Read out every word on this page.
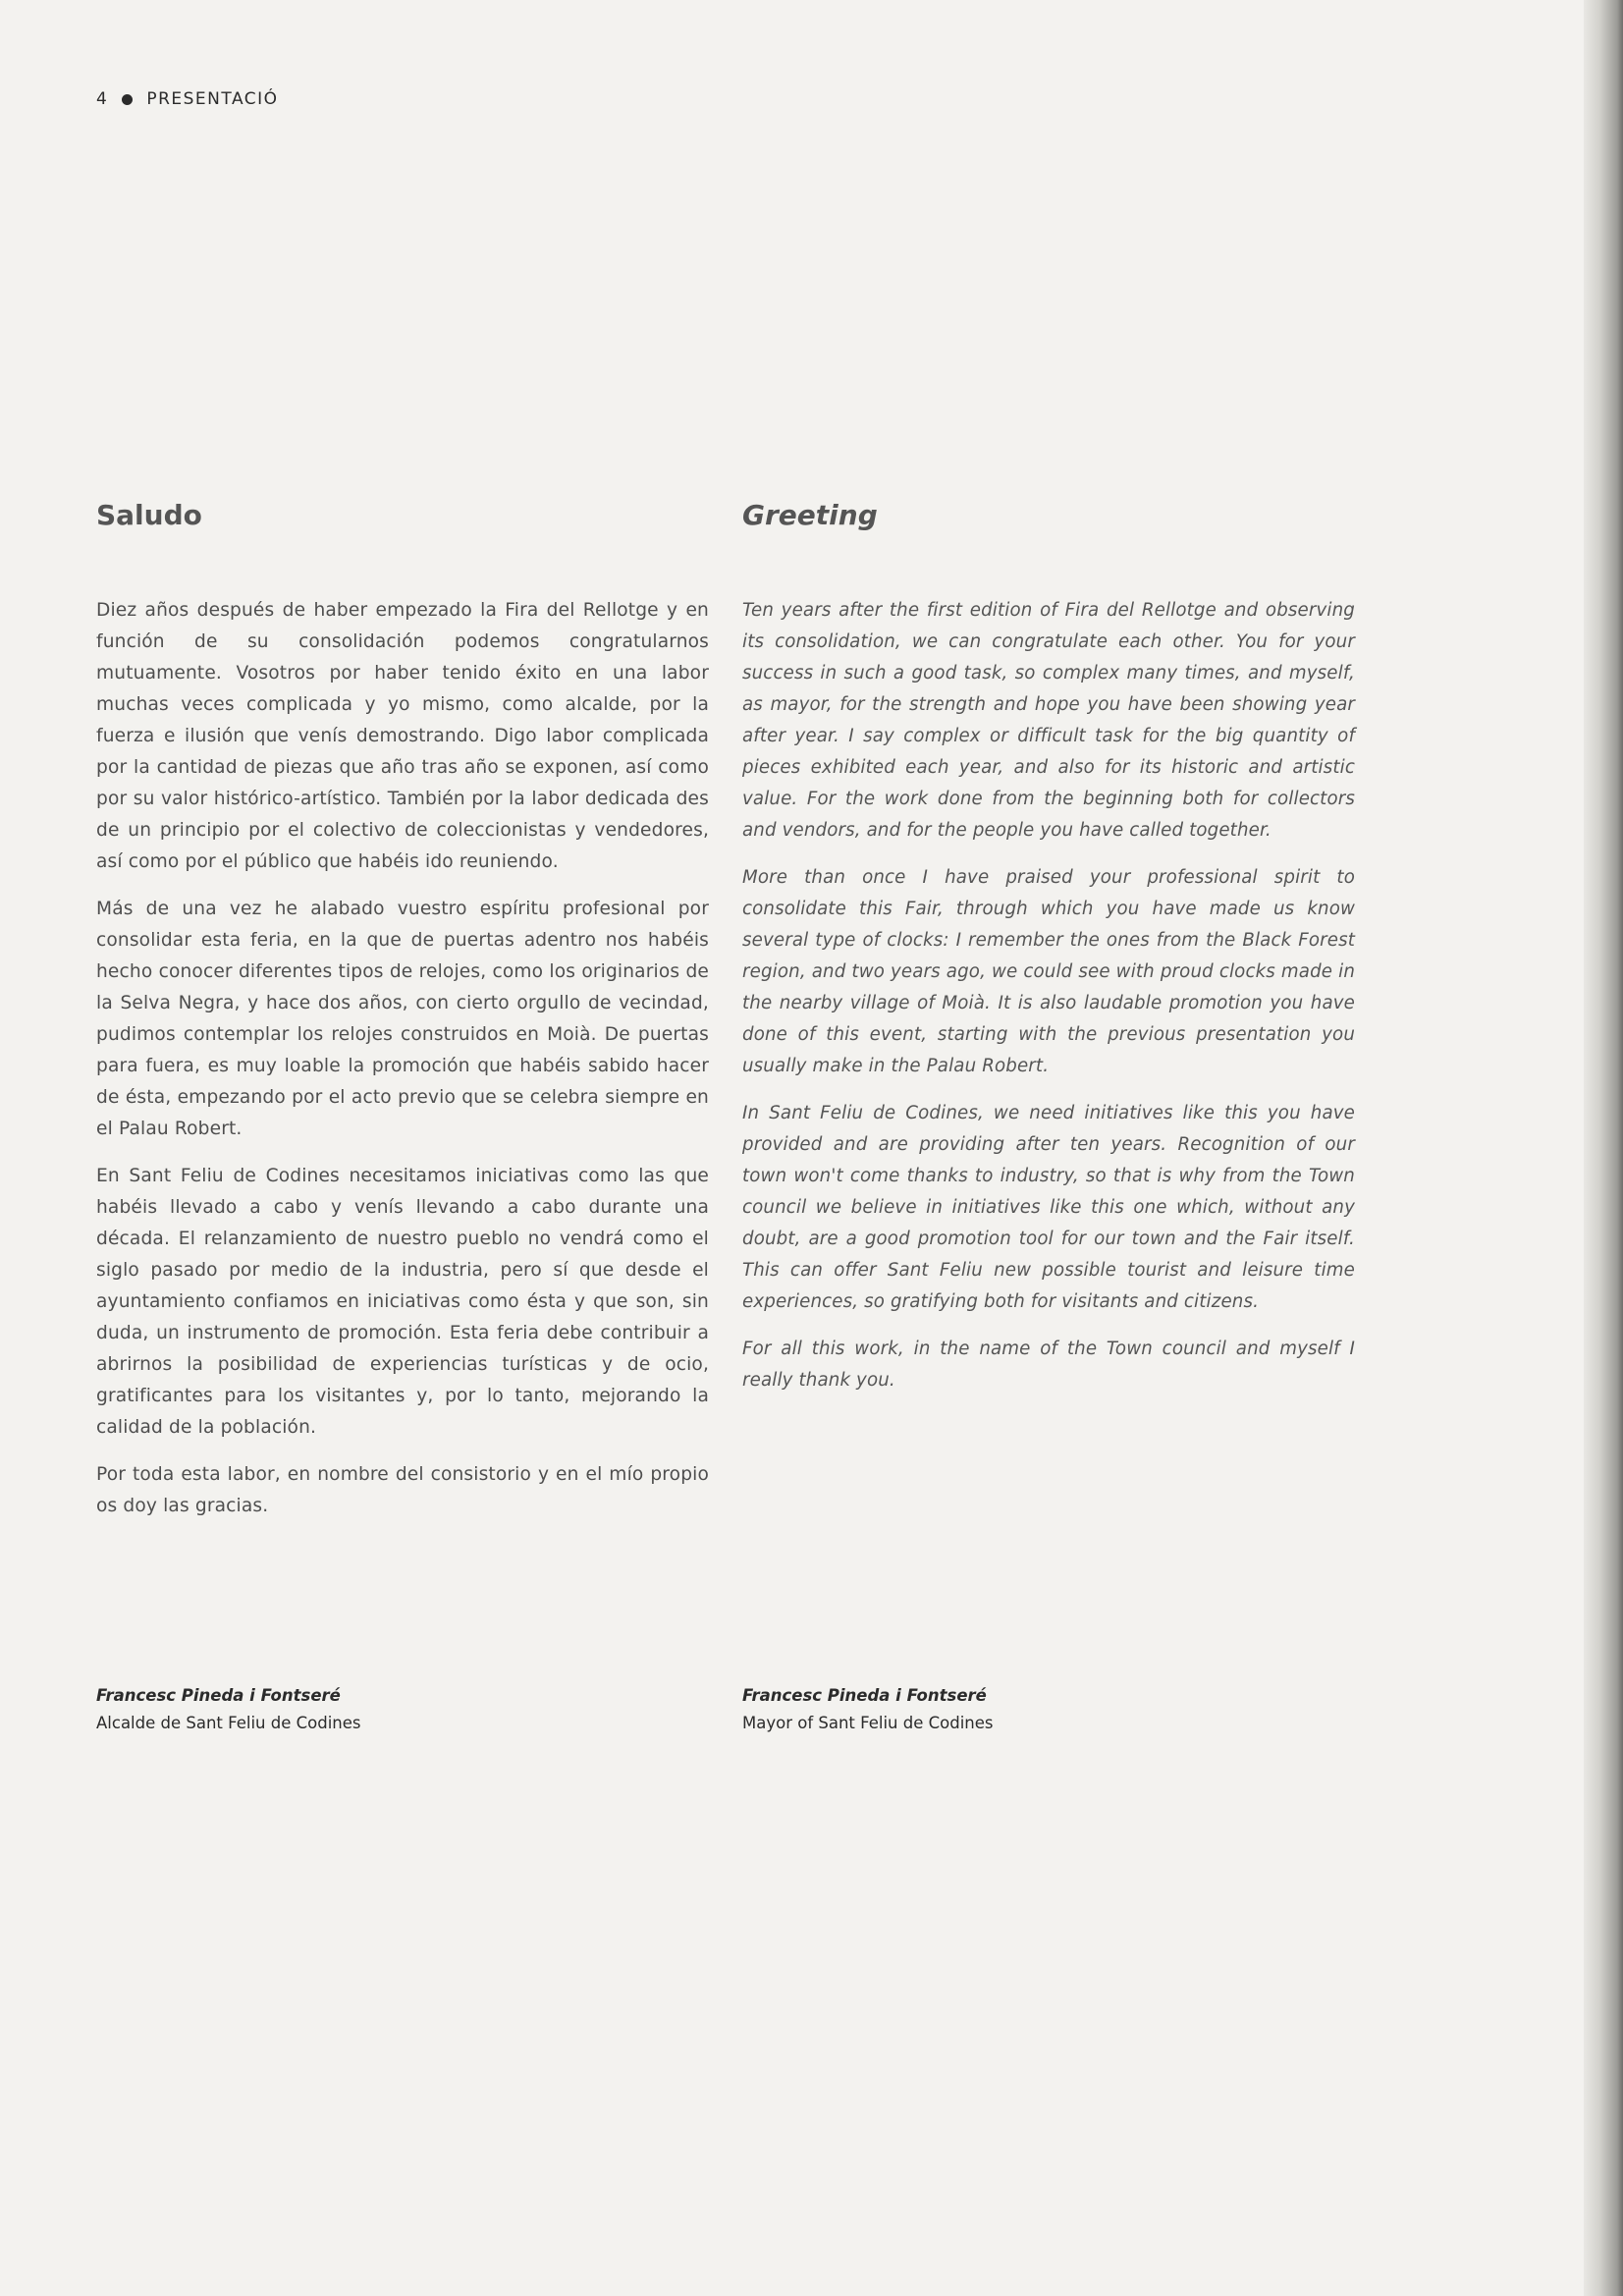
4 PRESENTACIÓ
Saludo

Diez años después de haber empezado la Fira del Rellotge y en función de su consolidación podemos congratularnos mutuamente. Vosotros por haber tenido éxito en una labor muchas veces complicada y yo mismo, como alcalde, por la fuerza e ilusión que venís demostrando. Digo labor complicada por la cantidad de piezas que año tras año se exponen, así como por su valor histórico-artístico. También por la labor dedicada des de un principio por el colectivo de coleccionistas y vendedores, así como por el público que habéis ido reuniendo.

Más de una vez he alabado vuestro espíritu profesional por consolidar esta feria, en la que de puertas adentro nos habéis hecho conocer diferentes tipos de relojes, como los originarios de la Selva Negra, y hace dos años, con cierto orgullo de vecindad, pudimos contemplar los relojes construidos en Moià. De puertas para fuera, es muy loable la promoción que habéis sabido hacer de ésta, empezando por el acto previo que se celebra siempre en el Palau Robert.

En Sant Feliu de Codines necesitamos iniciativas como las que habéis llevado a cabo y venís llevando a cabo durante una década. El relanzamiento de nuestro pueblo no vendrá como el siglo pasado por medio de la industria, pero sí que desde el ayuntamiento confiamos en iniciativas como ésta y que son, sin duda, un instrumento de promoción. Esta feria debe contribuir a abrirnos la posibilidad de experiencias turísticas y de ocio, gratificantes para los visitantes y, por lo tanto, mejorando la calidad de la población.

Por toda esta labor, en nombre del consistorio y en el mío propio os doy las gracias.

Francesc Pineda i Fontseré
Alcalde de Sant Feliu de Codines
Greeting

Ten years after the first edition of Fira del Rellotge and observing its consolidation, we can congratulate each other. You for your success in such a good task, so complex many times, and myself, as mayor, for the strength and hope you have been showing year after year. I say complex or difficult task for the big quantity of pieces exhibited each year, and also for its historic and artistic value. For the work done from the beginning both for collectors and vendors, and for the people you have called together.

More than once I have praised your professional spirit to consolidate this Fair, through which you have made us know several type of clocks: I remember the ones from the Black Forest region, and two years ago, we could see with proud clocks made in the nearby village of Moià. It is also laudable promotion you have done of this event, starting with the previous presentation you usually make in the Palau Robert.

In Sant Feliu de Codines, we need initiatives like this you have provided and are providing after ten years. Recognition of our town won't come thanks to industry, so that is why from the Town council we believe in initiatives like this one which, without any doubt, are a good promotion tool for our town and the Fair itself. This can offer Sant Feliu new possible tourist and leisure time experiences, so gratifying both for visitants and citizens.

For all this work, in the name of the Town council and myself I really thank you.

Francesc Pineda i Fontseré
Mayor of Sant Feliu de Codines
